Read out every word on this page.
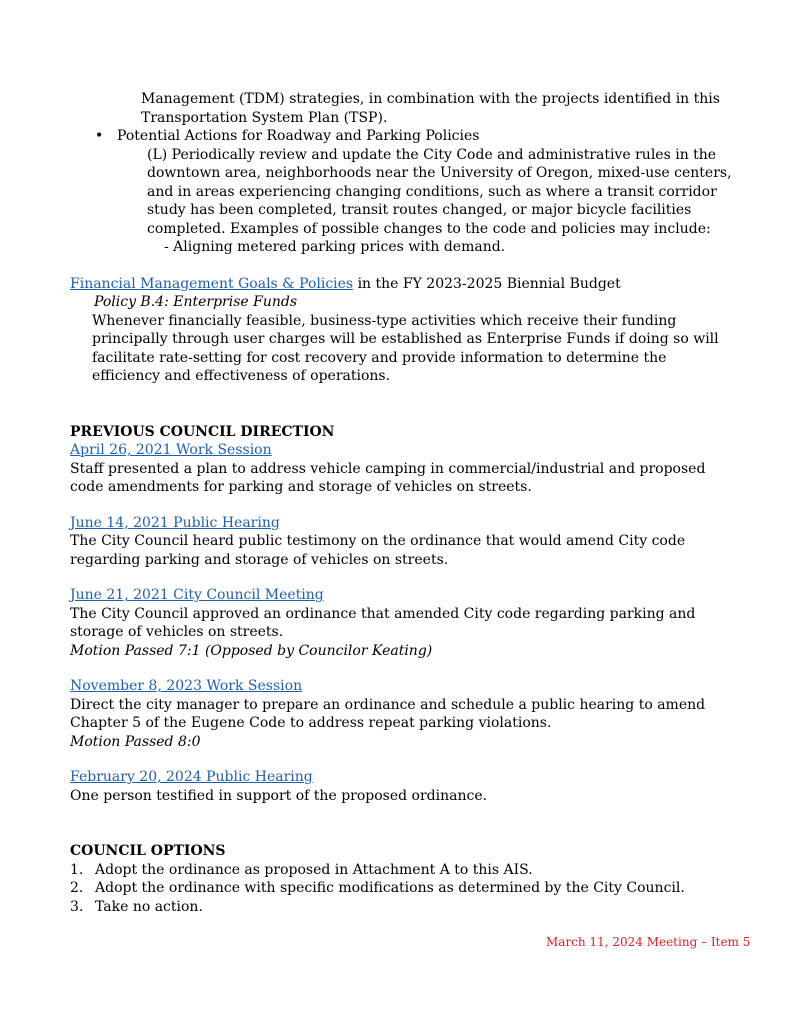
Management (TDM) strategies, in combination with the projects identified in this

Transportation System Plan (TSP).

• Potential Actions for Roadway and Parking Policies

(L) Periodically review and update the City Code and administrative rules in the downtown area, neighborhoods near the University of Oregon, mixed-use centers, and in areas experiencing changing conditions, such as where a transit corridor study has been completed, transit routes changed, or major bicycle facilities completed. Examples of possible changes to the code and policies may include:

- Aligning metered parking prices with demand.

Financial Management Goals & Policies in the FY 2023-2025 Biennial Budget

Policy B.4: Enterprise Funds

Whenever financially feasible, business-type activities which receive their funding principally through user charges will be established as Enterprise Funds if doing so will facilitate rate-setting for cost recovery and provide information to determine the efficiency and effectiveness of operations.

PREVIOUS COUNCIL DIRECTION

April 26, 2021 Work Session

Staff presented a plan to address vehicle camping in commercial/industrial and proposed code amendments for parking and storage of vehicles on streets.

June 14, 2021 Public Hearing

The City Council heard public testimony on the ordinance that would amend City code regarding parking and storage of vehicles on streets.

June 21, 2021 City Council Meeting

The City Council approved an ordinance that amended City code regarding parking and storage of vehicles on streets.

Motion Passed 7:1 (Opposed by Councilor Keating)

November 8, 2023 Work Session

Direct the city manager to prepare an ordinance and schedule a public hearing to amend Chapter 5 of the Eugene Code to address repeat parking violations.

Motion Passed 8:0

February 20, 2024 Public Hearing

One person testified in support of the proposed ordinance.

COUNCIL OPTIONS

1. Adopt the ordinance as proposed in Attachment A to this AIS.
2. Adopt the ordinance with specific modifications as determined by the City Council.
3. Take no action.
March 11, 2024 Meeting – Item 5
